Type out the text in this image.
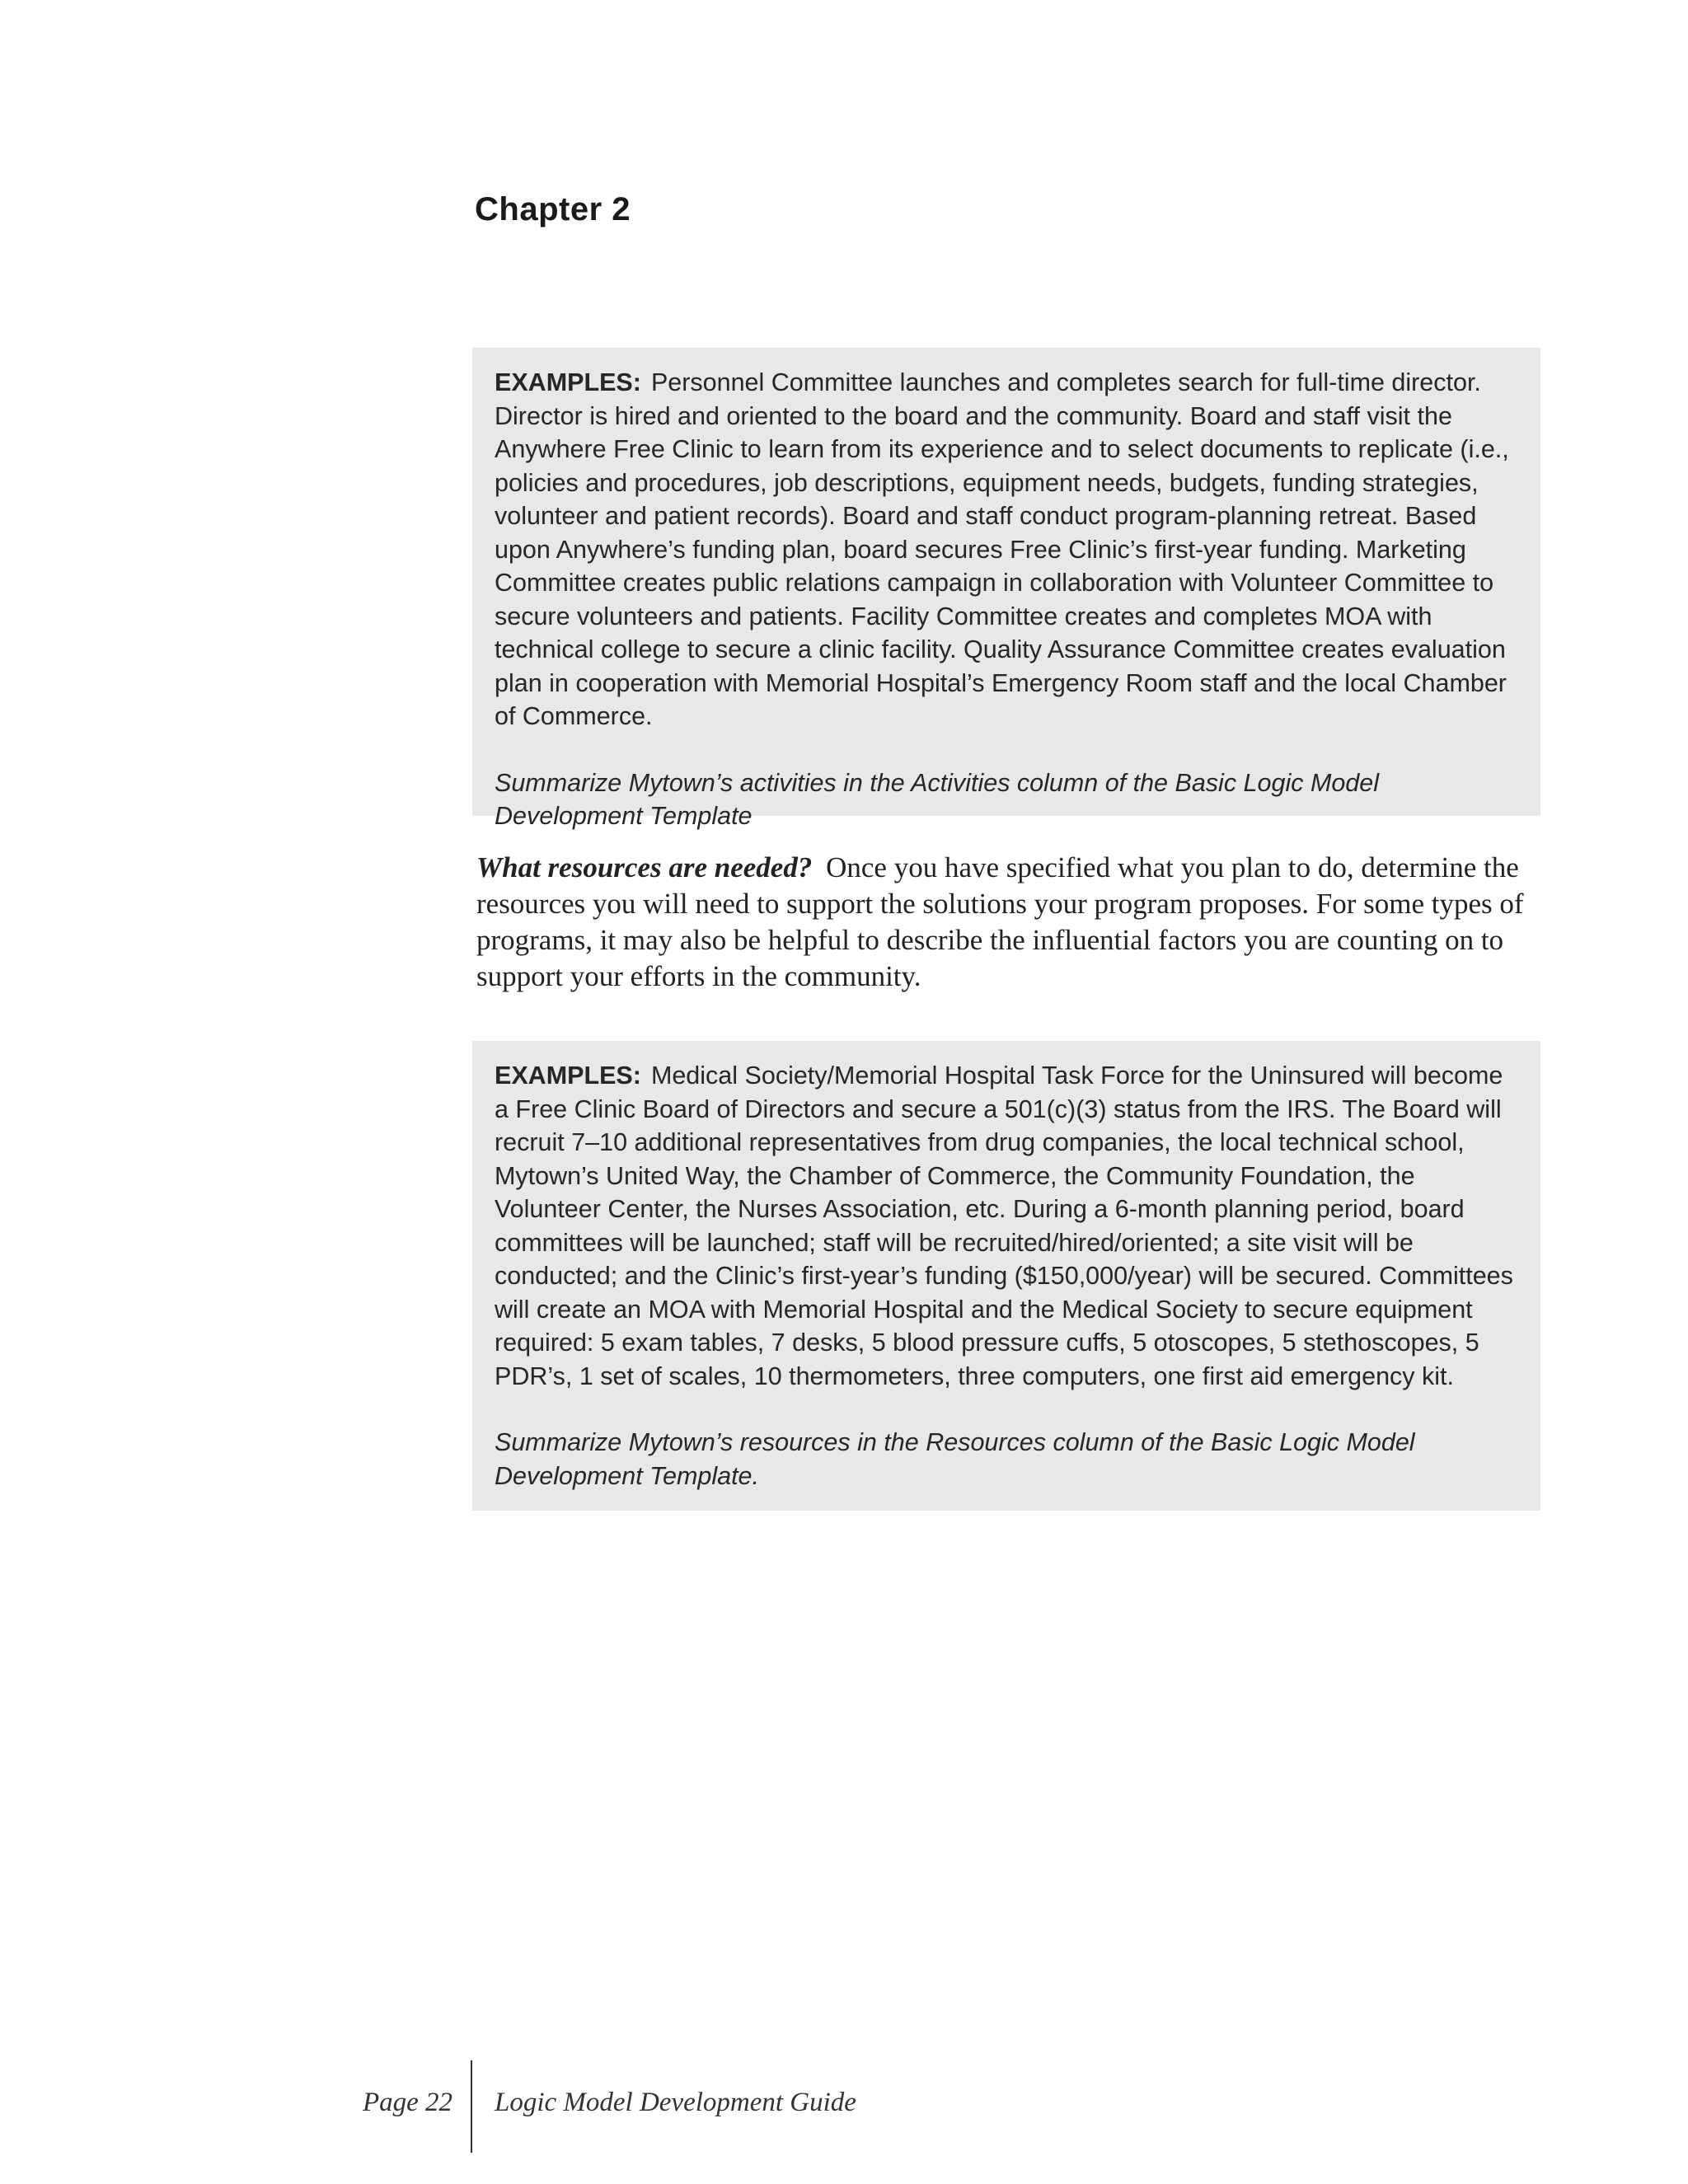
Chapter 2

EXAMPLES: Personnel Committee launches and completes search for full-time director. Director is hired and oriented to the board and the community. Board and staff visit the Anywhere Free Clinic to learn from its experience and to select documents to replicate (i.e., policies and procedures, job descriptions, equipment needs, budgets, funding strategies, volunteer and patient records). Board and staff conduct program-planning retreat. Based upon Anywhere’s funding plan, board secures Free Clinic’s first-year funding. Marketing Committee creates public relations campaign in collaboration with Volunteer Committee to secure volunteers and patients. Facility Committee creates and completes MOA with technical college to secure a clinic facility. Quality Assurance Committee creates evaluation plan in cooperation with Memorial Hospital’s Emergency Room staff and the local Chamber of Commerce.

Summarize Mytown’s activities in the Activities column of the Basic Logic Model Development Template

What resources are needed? Once you have specified what you plan to do, determine the resources you will need to support the solutions your program proposes. For some types of programs, it may also be helpful to describe the influential factors you are counting on to support your efforts in the community.

EXAMPLES: Medical Society/Memorial Hospital Task Force for the Uninsured will become a Free Clinic Board of Directors and secure a 501(c)(3) status from the IRS. The Board will recruit 7–10 additional representatives from drug companies, the local technical school, Mytown’s United Way, the Chamber of Commerce, the Community Foundation, the Volunteer Center, the Nurses Association, etc. During a 6-month planning period, board committees will be launched; staff will be recruited/hired/oriented; a site visit will be conducted; and the Clinic’s first-year’s funding ($150,000/year) will be secured. Committees will create an MOA with Memorial Hospital and the Medical Society to secure equipment required: 5 exam tables, 7 desks, 5 blood pressure cuffs, 5 otoscopes, 5 stethoscopes, 5 PDR’s, 1 set of scales, 10 thermometers, three computers, one first aid emergency kit.

Summarize Mytown’s resources in the Resources column of the Basic Logic Model Development Template.

Page 22 Logic Model Development Guide
